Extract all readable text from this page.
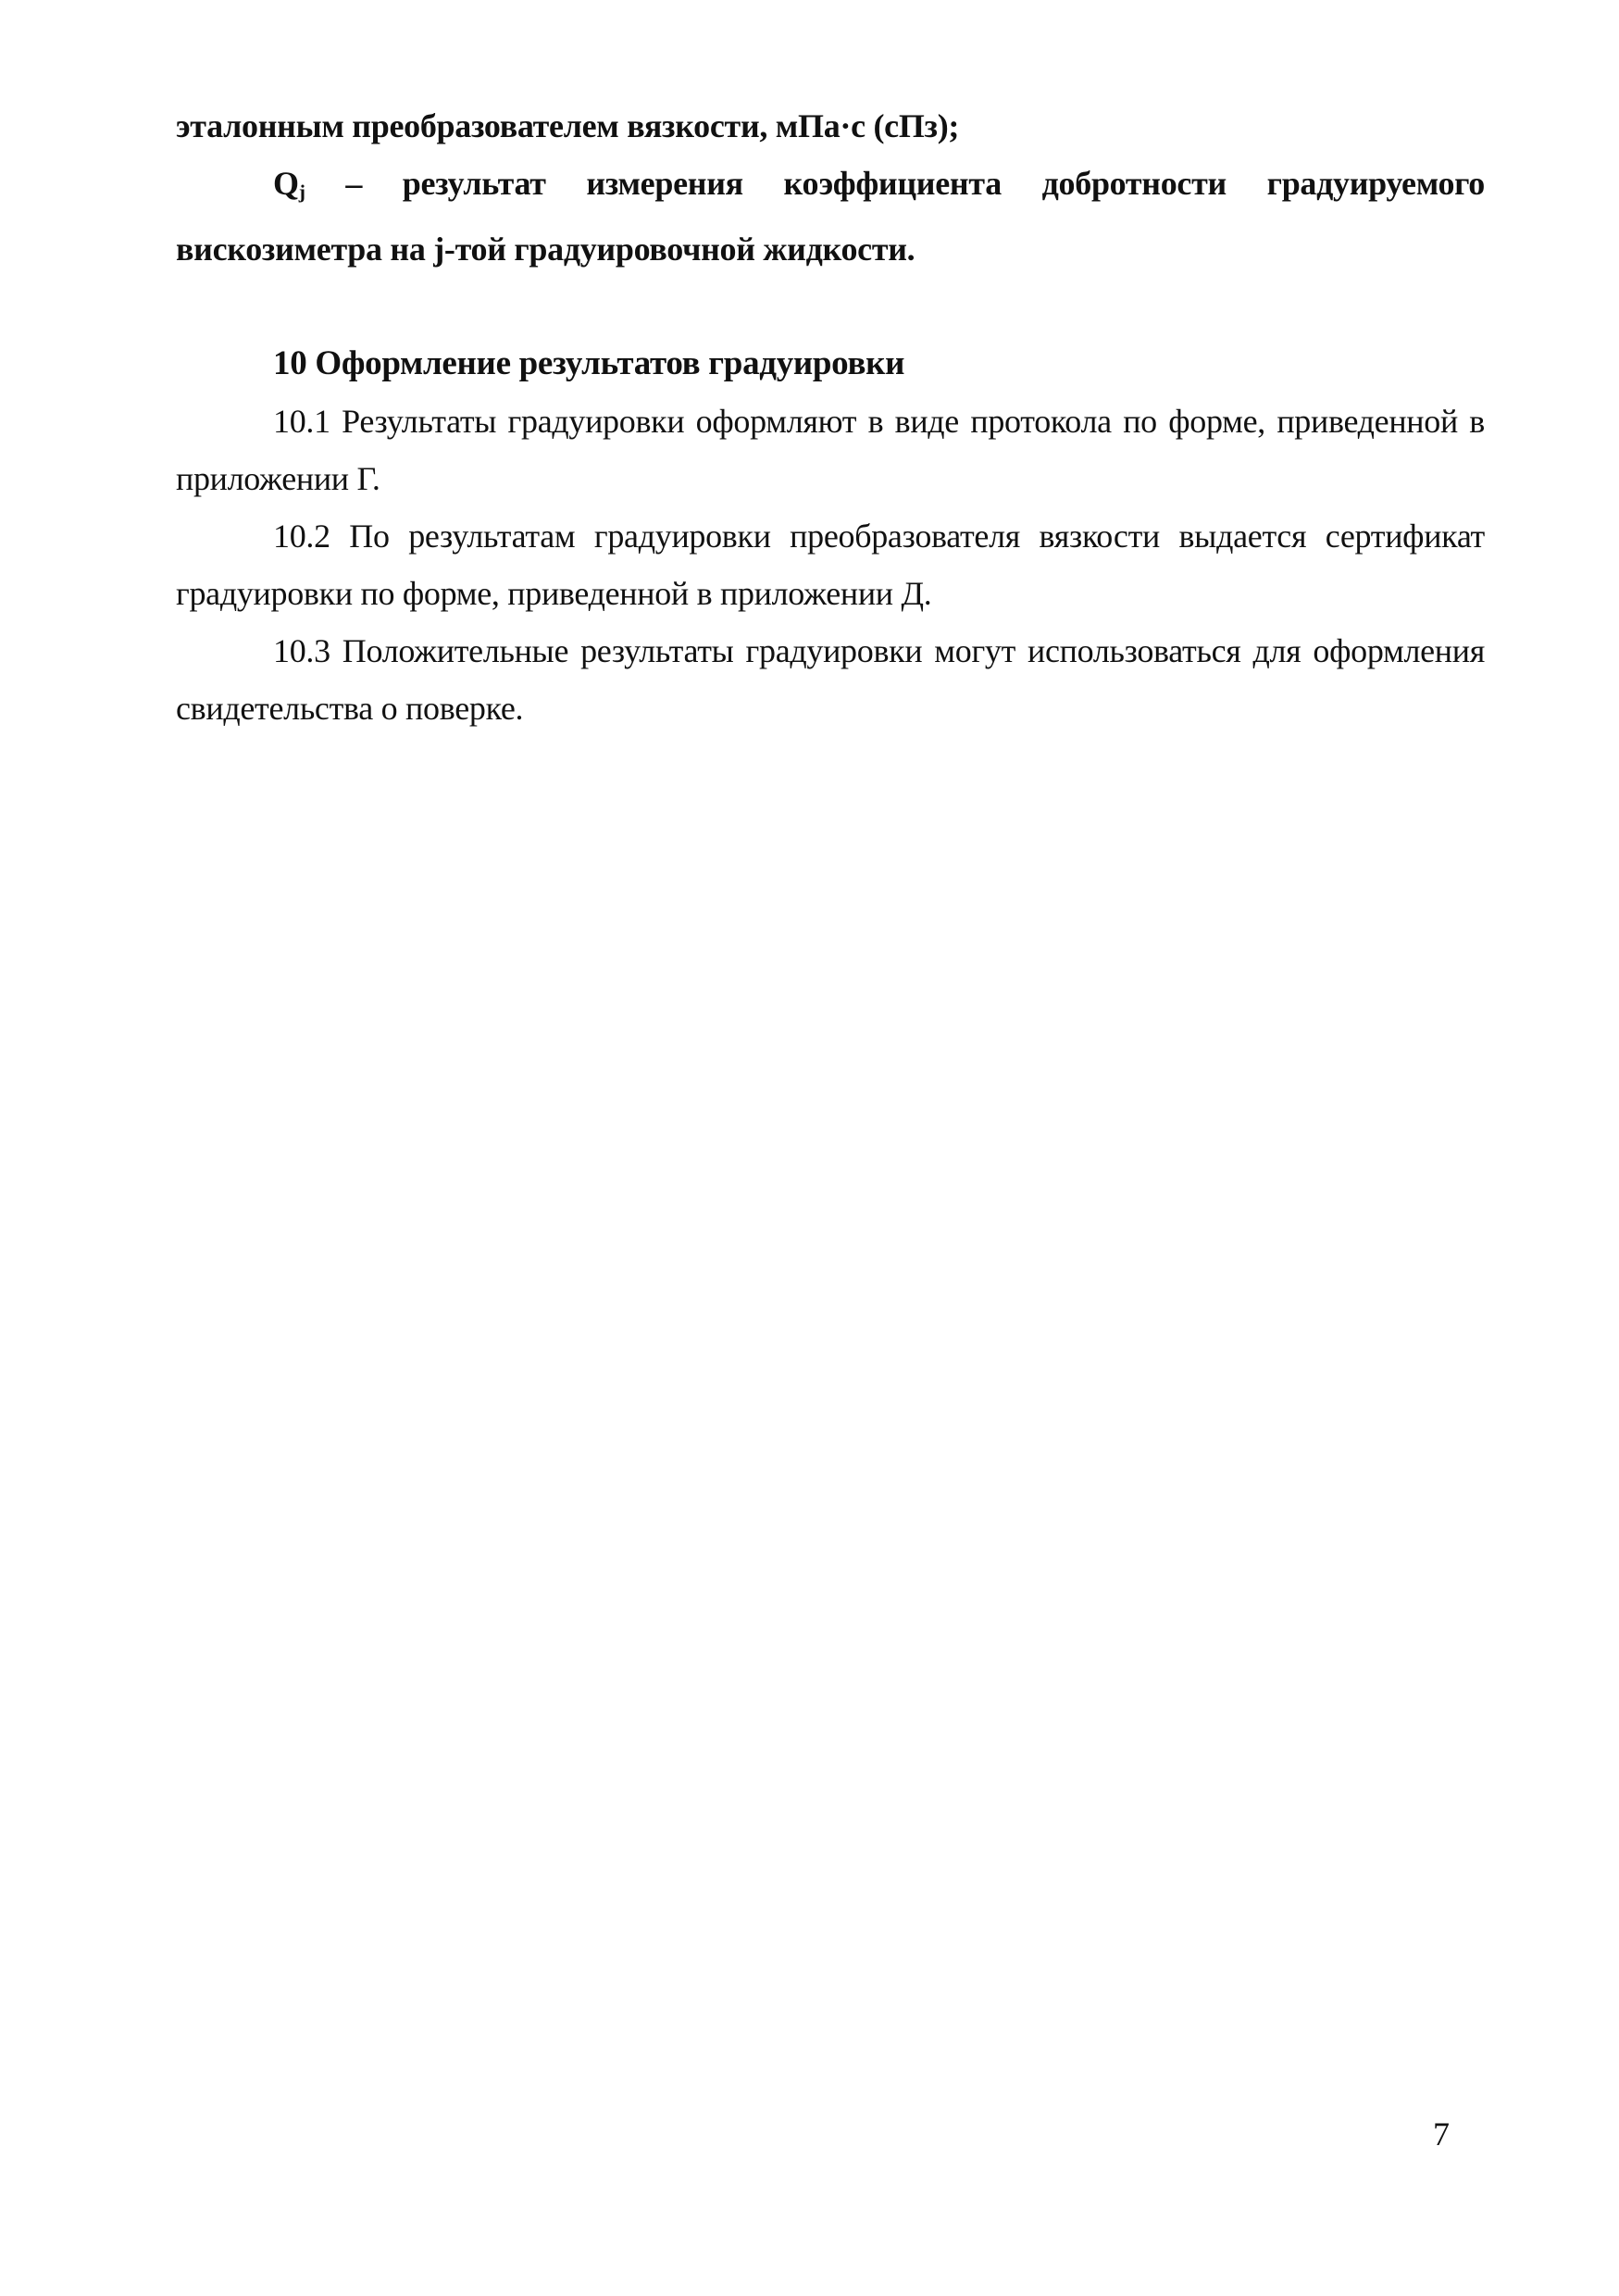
эталонным преобразователем вязкости, мПа·с (сПз);

$Q_j$ – результат измерения коэффициента добротности градуируемого вискозиметра на j-той градуировочной жидкости.

10 Оформление результатов градуировки

10.1 Результаты градуировки оформляют в виде протокола по форме, приведенной в приложении Г.

10.2 По результатам градуировки преобразователя вязкости выдается сертификат градуировки по форме, приведенной в приложении Д.

10.3 Положительные результаты градуировки могут использоваться для оформления свидетельства о поверке.

7
